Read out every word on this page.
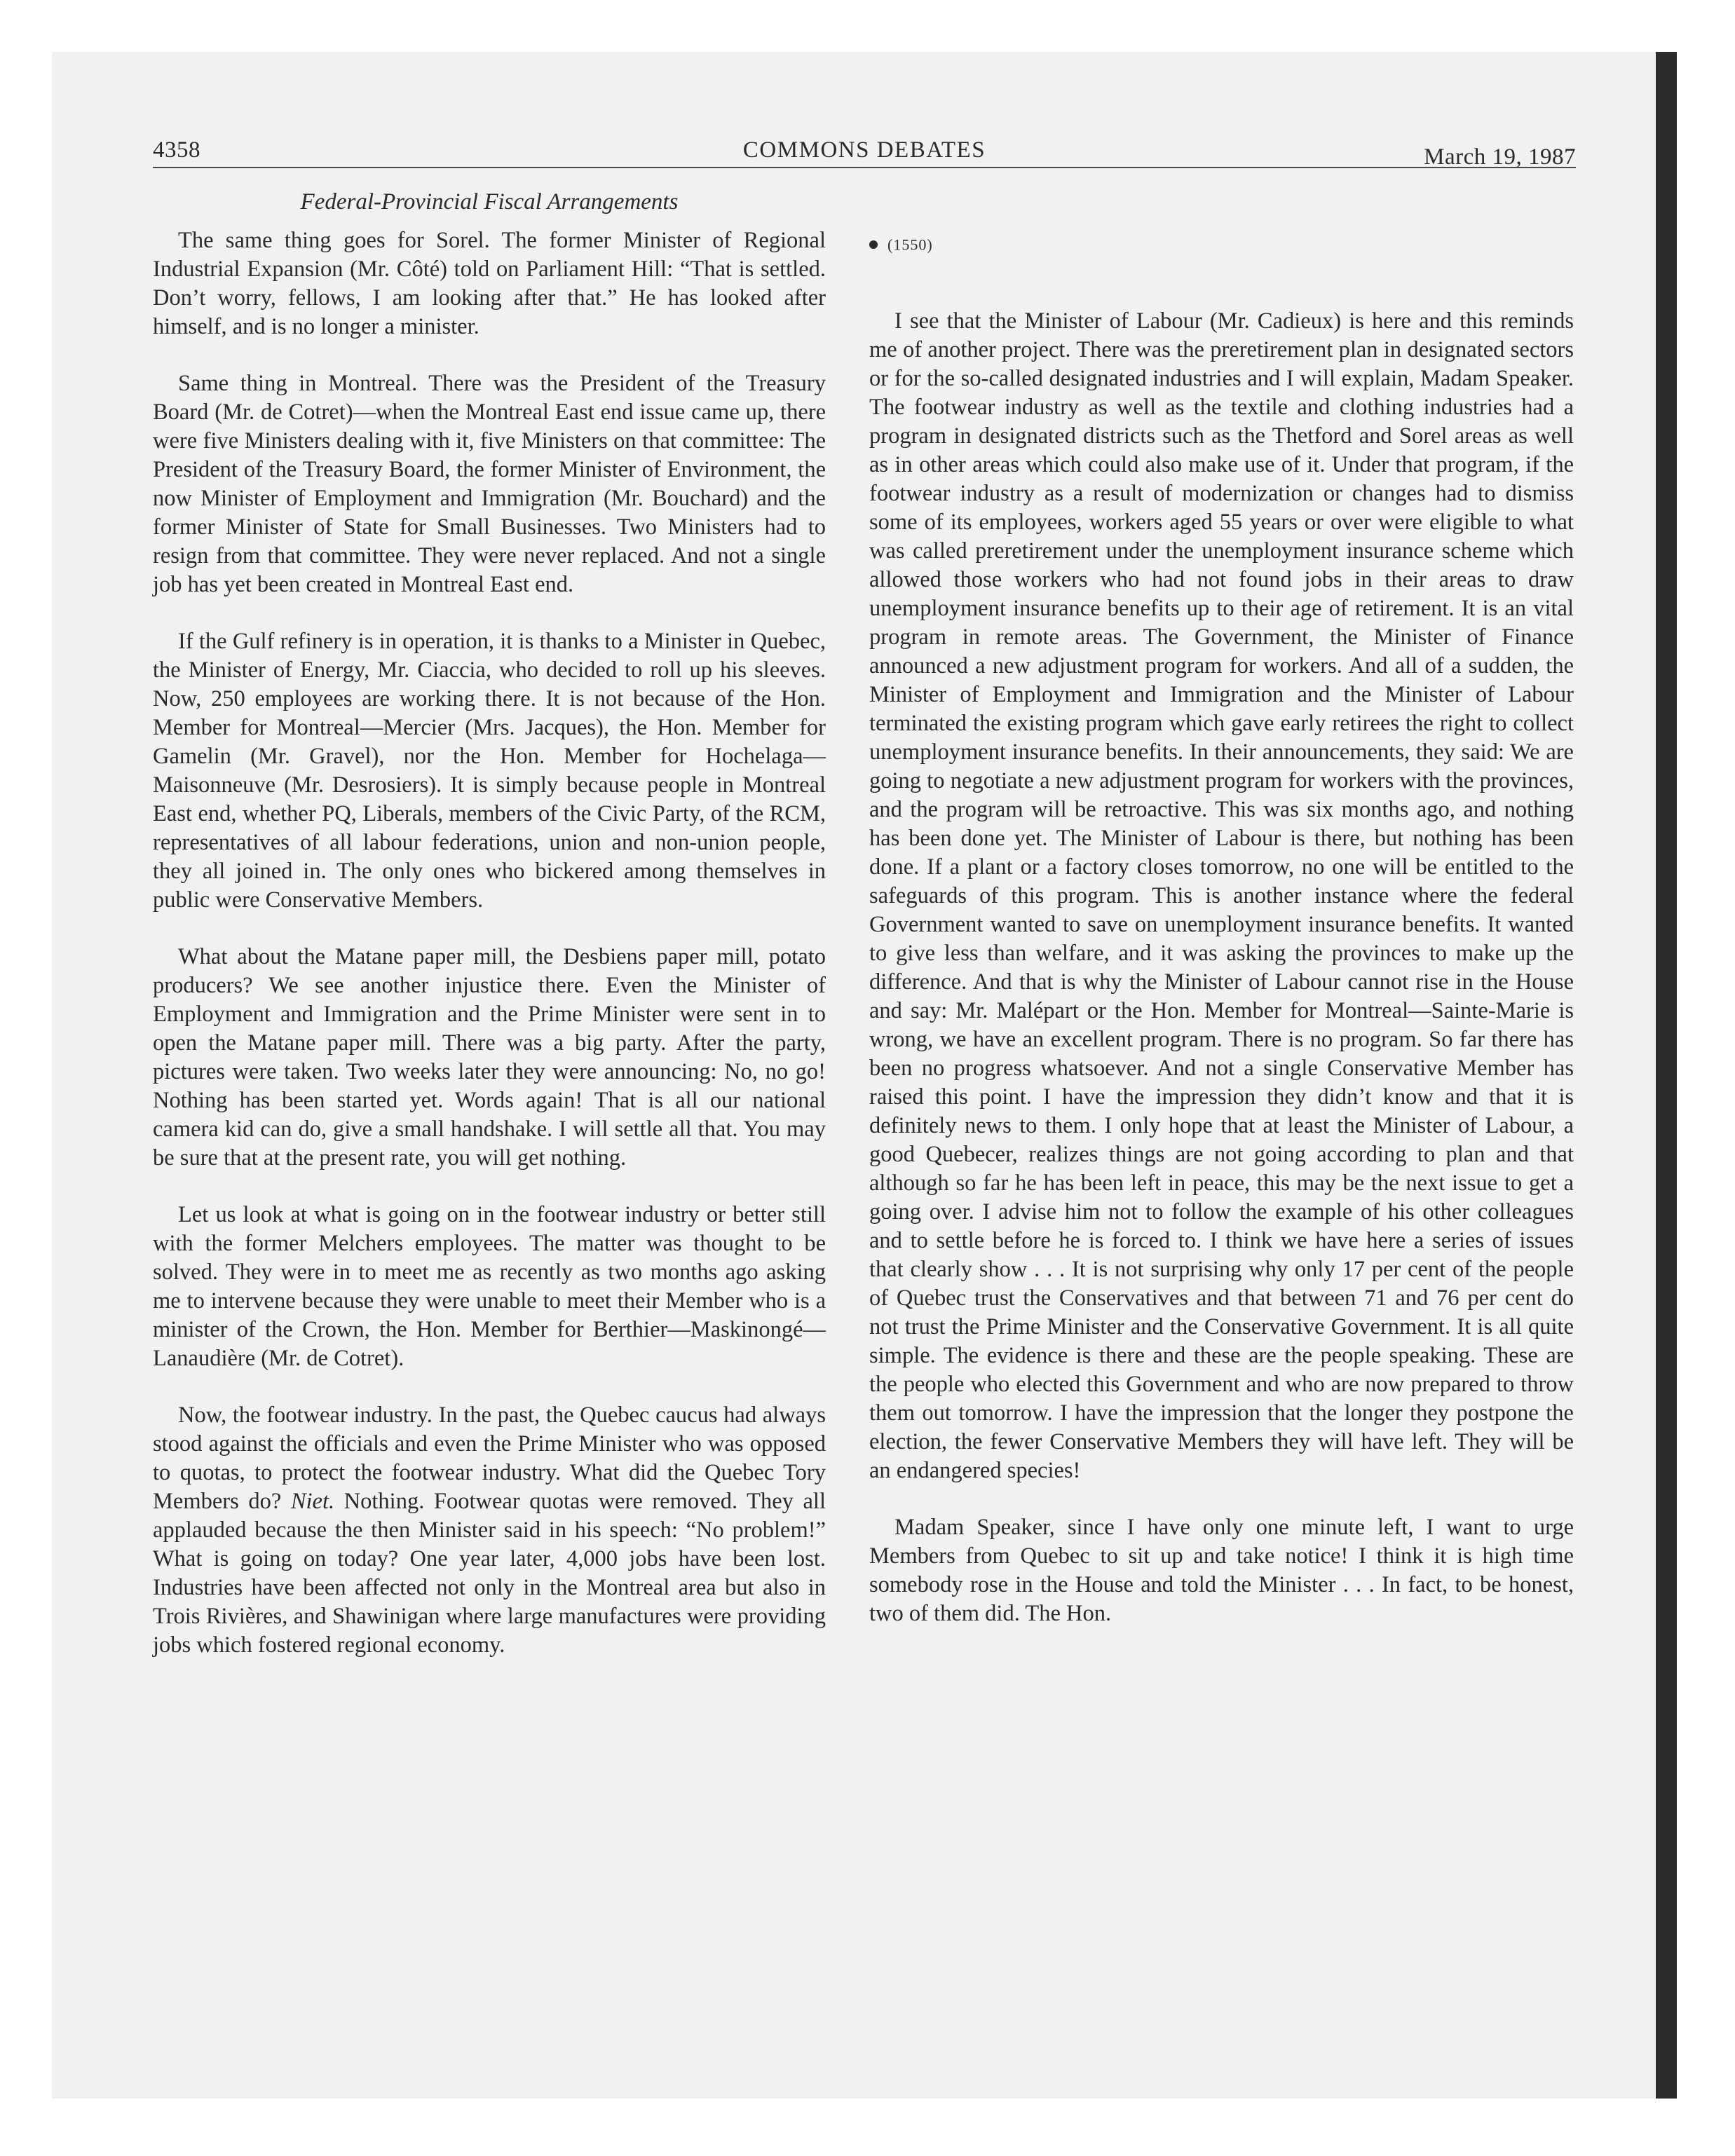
4358	COMMONS DEBATES	March 19, 1987
Federal-Provincial Fiscal Arrangements

The same thing goes for Sorel. The former Minister of Regional Industrial Expansion (Mr. Côté) told on Parliament Hill: “That is settled. Don’t worry, fellows, I am looking after that.” He has looked after himself, and is no longer a minister.

Same thing in Montreal. There was the President of the Treasury Board (Mr. de Cotret)—when the Montreal East end issue came up, there were five Ministers dealing with it, five Ministers on that committee: The President of the Treasury Board, the former Minister of Environment, the now Minister of Employment and Immigration (Mr. Bouchard) and the former Minister of State for Small Businesses. Two Ministers had to resign from that committee. They were never replaced. And not a single job has yet been created in Montreal East end.

If the Gulf refinery is in operation, it is thanks to a Minister in Quebec, the Minister of Energy, Mr. Ciaccia, who decided to roll up his sleeves. Now, 250 employees are working there. It is not because of the Hon. Member for Montreal—Mercier (Mrs. Jacques), the Hon. Member for Gamelin (Mr. Gravel), nor the Hon. Member for Hochelaga—Maisonneuve (Mr. Desrosiers). It is simply because people in Montreal East end, whether PQ, Liberals, members of the Civic Party, of the RCM, representatives of all labour federations, union and non-union people, they all joined in. The only ones who bickered among themselves in public were Conservative Members.

What about the Matane paper mill, the Desbiens paper mill, potato producers? We see another injustice there. Even the Minister of Employment and Immigration and the Prime Minister were sent in to open the Matane paper mill. There was a big party. After the party, pictures were taken. Two weeks later they were announcing: No, no go! Nothing has been started yet. Words again! That is all our national camera kid can do, give a small handshake. I will settle all that. You may be sure that at the present rate, you will get nothing.

Let us look at what is going on in the footwear industry or better still with the former Melchers employees. The matter was thought to be solved. They were in to meet me as recently as two months ago asking me to intervene because they were unable to meet their Member who is a minister of the Crown, the Hon. Member for Berthier—Maskinongé—Lanaudière (Mr. de Cotret).

Now, the footwear industry. In the past, the Quebec caucus had always stood against the officials and even the Prime Minister who was opposed to quotas, to protect the footwear industry. What did the Quebec Tory Members do? Niet. Nothing. Footwear quotas were removed. They all applauded because the then Minister said in his speech: “No problem!” What is going on today? One year later, 4,000 jobs have been lost. Industries have been affected not only in the Montreal area but also in Trois Rivières, and Shawinigan where large manufactures were providing jobs which fostered regional economy.

(1550)

I see that the Minister of Labour (Mr. Cadieux) is here and this reminds me of another project. There was the preretirement plan in designated sectors or for the so-called designated industries and I will explain, Madam Speaker. The footwear industry as well as the textile and clothing industries had a program in designated districts such as the Thetford and Sorel areas as well as in other areas which could also make use of it. Under that program, if the footwear industry as a result of modernization or changes had to dismiss some of its employees, workers aged 55 years or over were eligible to what was called preretirement under the unemployment insurance scheme which allowed those workers who had not found jobs in their areas to draw unemployment insurance benefits up to their age of retirement. It is an vital program in remote areas. The Government, the Minister of Finance announced a new adjustment program for workers. And all of a sudden, the Minister of Employment and Immigration and the Minister of Labour terminated the existing program which gave early retirees the right to collect unemployment insurance benefits. In their announcements, they said: We are going to negotiate a new adjustment program for workers with the provinces, and the program will be retroactive. This was six months ago, and nothing has been done yet. The Minister of Labour is there, but nothing has been done. If a plant or a factory closes tomorrow, no one will be entitled to the safeguards of this program. This is another instance where the federal Government wanted to save on unemployment insurance benefits. It wanted to give less than welfare, and it was asking the provinces to make up the difference. And that is why the Minister of Labour cannot rise in the House and say: Mr. Malépart or the Hon. Member for Montreal—Sainte-Marie is wrong, we have an excellent program. There is no program. So far there has been no progress whatsoever. And not a single Conservative Member has raised this point. I have the impression they didn’t know and that it is definitely news to them. I only hope that at least the Minister of Labour, a good Quebecer, realizes things are not going according to plan and that although so far he has been left in peace, this may be the next issue to get a going over. I advise him not to follow the example of his other colleagues and to settle before he is forced to. I think we have here a series of issues that clearly show . . . It is not surprising why only 17 per cent of the people of Quebec trust the Conservatives and that between 71 and 76 per cent do not trust the Prime Minister and the Conservative Government. It is all quite simple. The evidence is there and these are the people speaking. These are the people who elected this Government and who are now prepared to throw them out tomorrow. I have the impression that the longer they postpone the election, the fewer Conservative Members they will have left. They will be an endangered species!

Madam Speaker, since I have only one minute left, I want to urge Members from Quebec to sit up and take notice! I think it is high time somebody rose in the House and told the Minister . . . In fact, to be honest, two of them did. The Hon.
